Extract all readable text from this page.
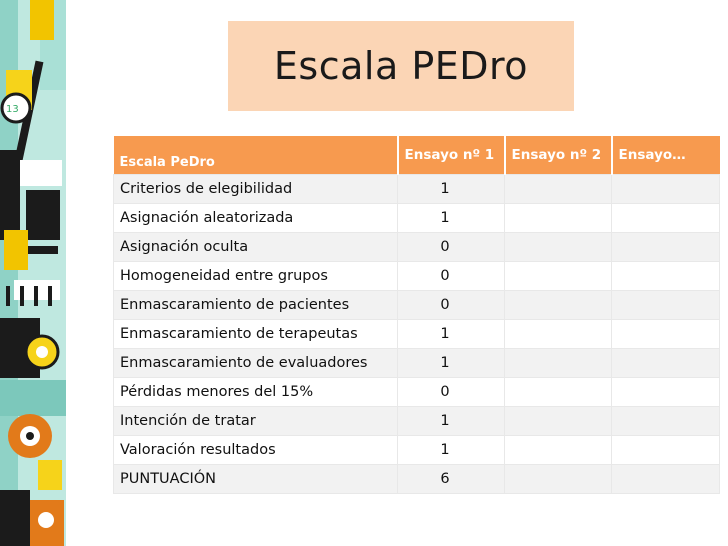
13
Escala PEDro
Escala PeDro	Ensayo nº 1	Ensayo nº 2	Ensayo…
Criterios de elegibilidad	1		
Asignación aleatorizada	1		
Asignación oculta	0		
Homogeneidad entre grupos	0		
Enmascaramiento de pacientes	0		
Enmascaramiento de terapeutas	1		
Enmascaramiento de evaluadores	1		
Pérdidas menores del 15%	0		
Intención de tratar	1		
Valoración resultados	1		
PUNTUACIÓN	6		
